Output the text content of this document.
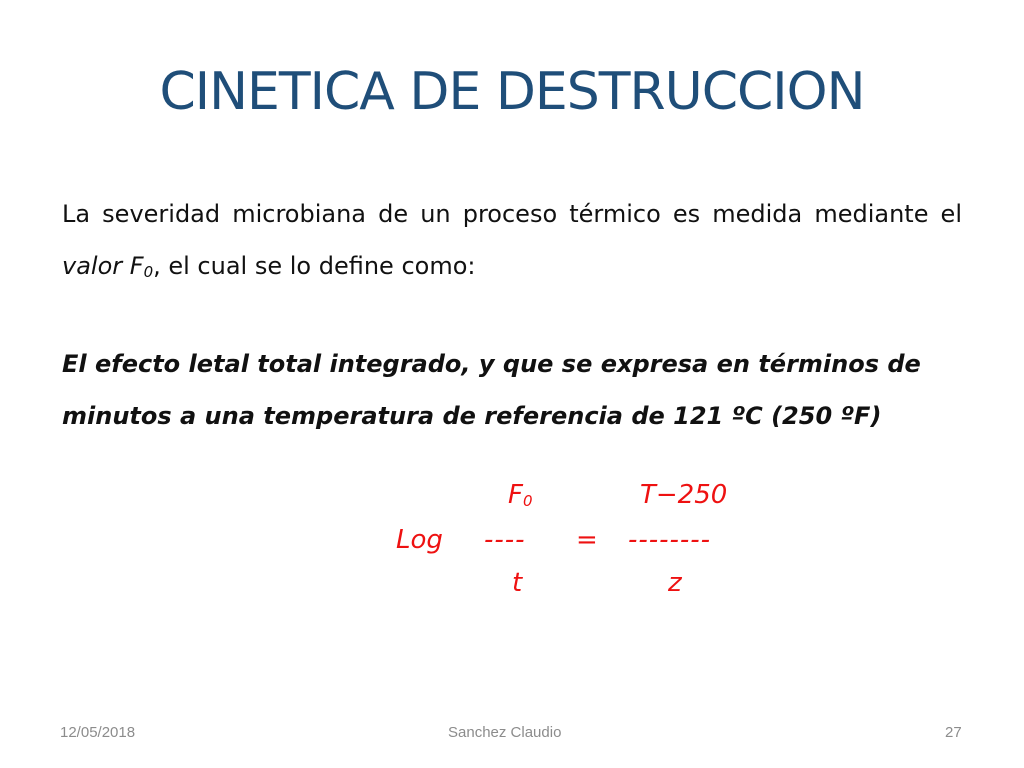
CINETICA DE DESTRUCCION
La severidad microbiana de un proceso térmico es medida mediante el valor F0, el cual se lo define como:
El efecto letal total integrado, y que se expresa en términos de minutos a una temperatura de referencia de 121 ºC (250 ºF)
F0	T−250
Log ---- = --------
t	z
12/05/2018	Sanchez Claudio	27
